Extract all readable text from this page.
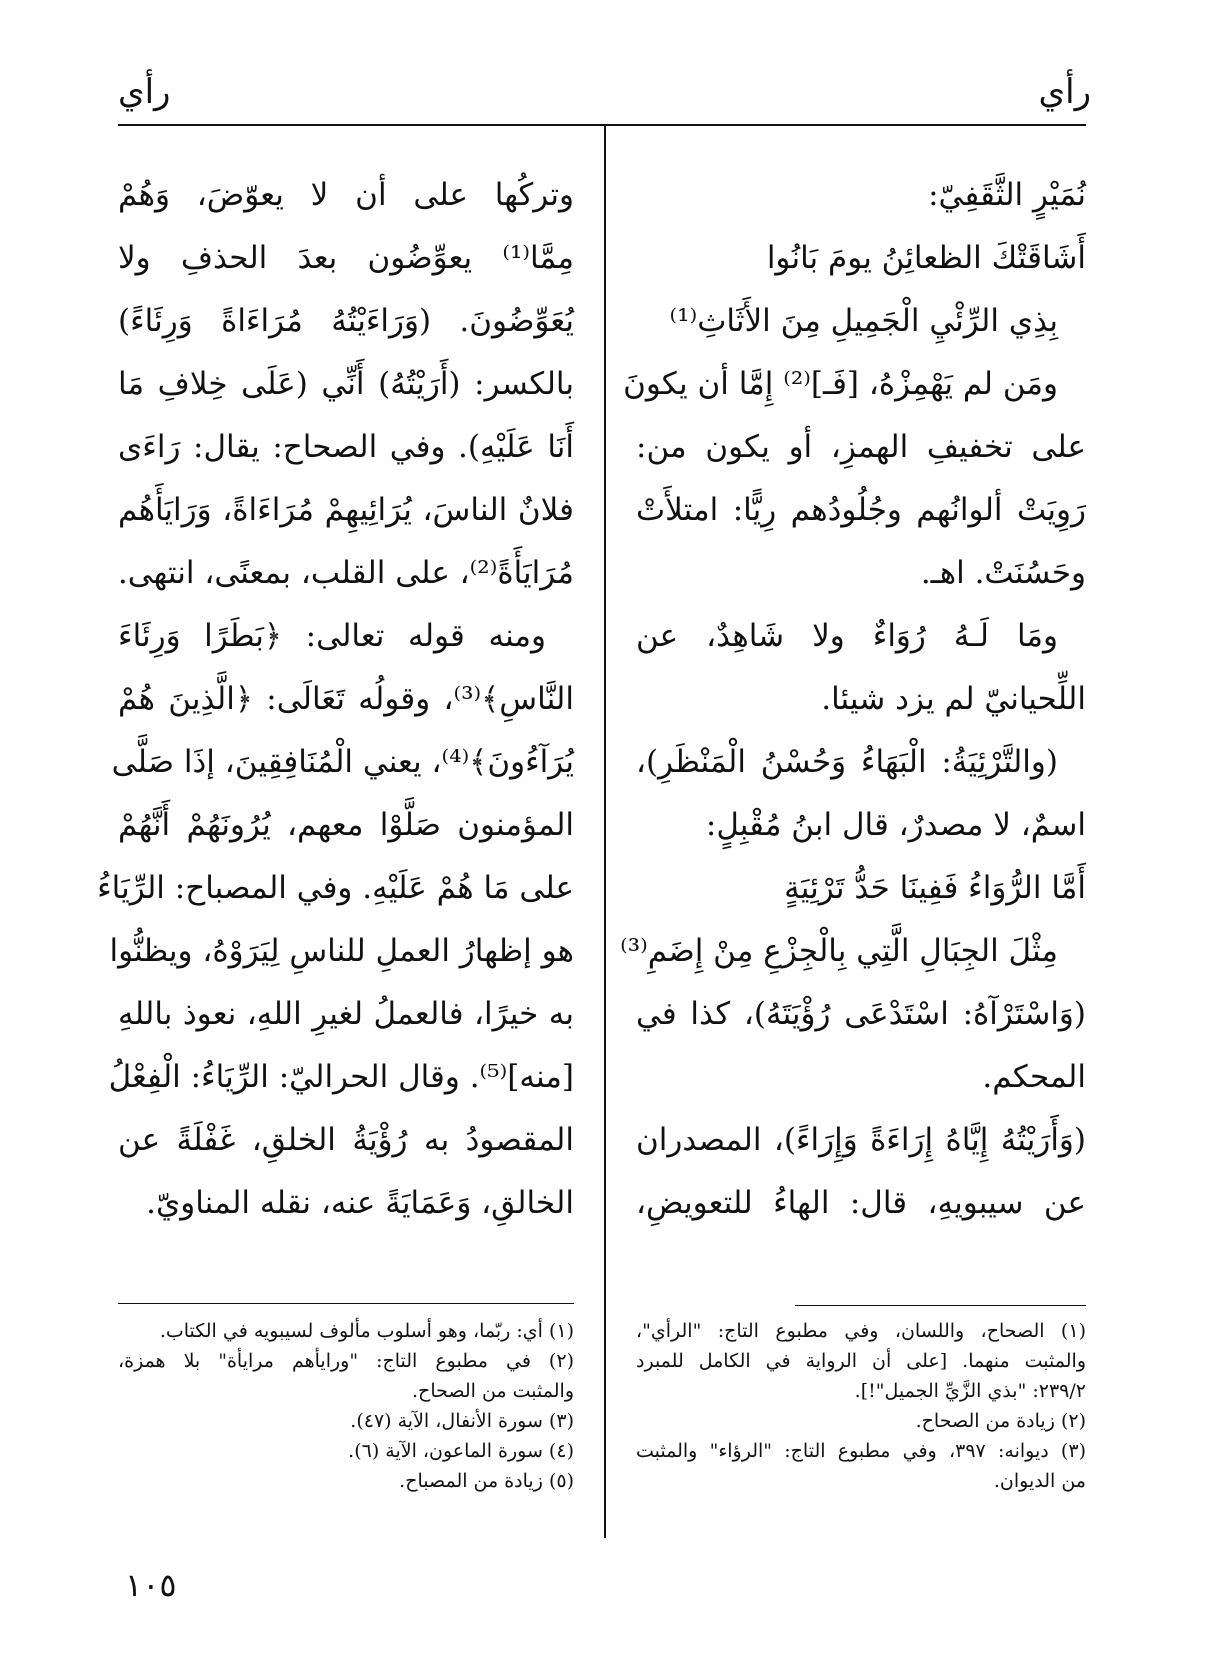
رأي
رأي
نُمَيْرٍ الثَّقَفِيّ:
أَشَاقَتْكَ الظعائِنُ يومَ بَانُوا
بِذِي الرِّئْيِ الْجَمِيلِ مِنَ الأَثَاثِ⁽¹⁾
ومَن لم يَهْمِزْهُ، [فَـ]⁽²⁾ إِمَّا أن يكونَ
على تخفيفِ الهمزِ، أو يكون من:
رَوِيَتْ ألوانُهم وجُلُودُهم رِيًّا: امتلأَتْ
وحَسُنَتْ. اهـ.
ومَا لَـهُ رُوَاءٌ ولا شَاهِدٌ، عن
اللِّحيانيّ لم يزد شيئا.
(والتَّرْئِيَةُ: الْبَهَاءُ وَحُسْنُ الْمَنْظَرِ)،
اسمٌ، لا مصدرٌ، قال ابنُ مُقْبِلٍ:
أَمَّا الرُّوَاءُ فَفِينَا حَدُّ تَرْئِيَةٍ
مِثْلَ الجِبَالِ الَّتِي بِالْجِزْعِ مِنْ إِضَمِ⁽³⁾
(وَاسْتَرْآهُ: اسْتَدْعَى رُؤْيَتَهُ)، كذا في
المحكم.
(وَأَرَيْتُهُ إِيَّاهُ إِرَاءَةً وَإِرَاءً)، المصدران
عن سيبويهِ، قال: الهاءُ للتعويضِ،
وتركُها على أن لا يعوّضَ، وَهُمْ
مِمَّا⁽¹⁾ يعوِّضُون بعدَ الحذفِ ولا
يُعَوِّضُونَ. (وَرَاءَيْتُهُ مُرَاءَاةً وَرِئَاءً)
بالكسر: (أَرَيْتُهُ) أَنِّي (عَلَى خِلافِ مَا
أَنَا عَلَيْهِ). وفي الصحاح: يقال: رَاءَى
فلانٌ الناسَ، يُرَائِيهِمْ مُرَاءَاةً، وَرَايَأَهُم
مُرَايَأَةً⁽²⁾، على القلب، بمعنًى، انتهى.
ومنه قوله تعالى: ﴿بَطَرًا وَرِئَاءَ
النَّاسِ﴾⁽³⁾، وقولُه تَعَالَى: ﴿الَّذِينَ هُمْ
يُرَآءُونَ﴾⁽⁴⁾، يعني الْمُنَافِقِينَ، إذَا صَلَّى
المؤمنون صَلَّوْا معهم، يُرُونَهُمْ أَنَّهُمْ
على مَا هُمْ عَلَيْهِ. وفي المصباح: الرِّيَاءُ
هو إظهارُ العملِ للناسِ لِيَرَوْهُ، ويظنُّوا
به خيرًا، فالعملُ لغيرِ اللهِ، نعوذ باللهِ
[منه]⁽⁵⁾. وقال الحراليّ: الرِّيَاءُ: الْفِعْلُ
المقصودُ به رُؤْيَةُ الخلقِ، غَفْلَةً عن
الخالقِ، وَعَمَايَةً عنه، نقله المناويّ.
(١) الصحاح، واللسان، وفي مطبوع التاج: "الرأي"،
والمثبت منهما. [على أن الرواية في الكامل للمبرد
٢٣٩/٢: "بذي الزَّيِّ الجميل"!].
(٢) زيادة من الصحاح.
(٣) ديوانه: ٣٩٧، وفي مطبوع التاج: "الرؤاء" والمثبت
من الديوان.
(١) أي: ربّما، وهو أسلوب مألوف لسيبويه في الكتاب.
(٢) في مطبوع التاج: "ورايأهم مرايأة" بلا همزة،
والمثبت من الصحاح.
(٣) سورة الأنفال، الآية (٤٧).
(٤) سورة الماعون، الآية (٦).
(٥) زيادة من المصباح.
١٠٥
